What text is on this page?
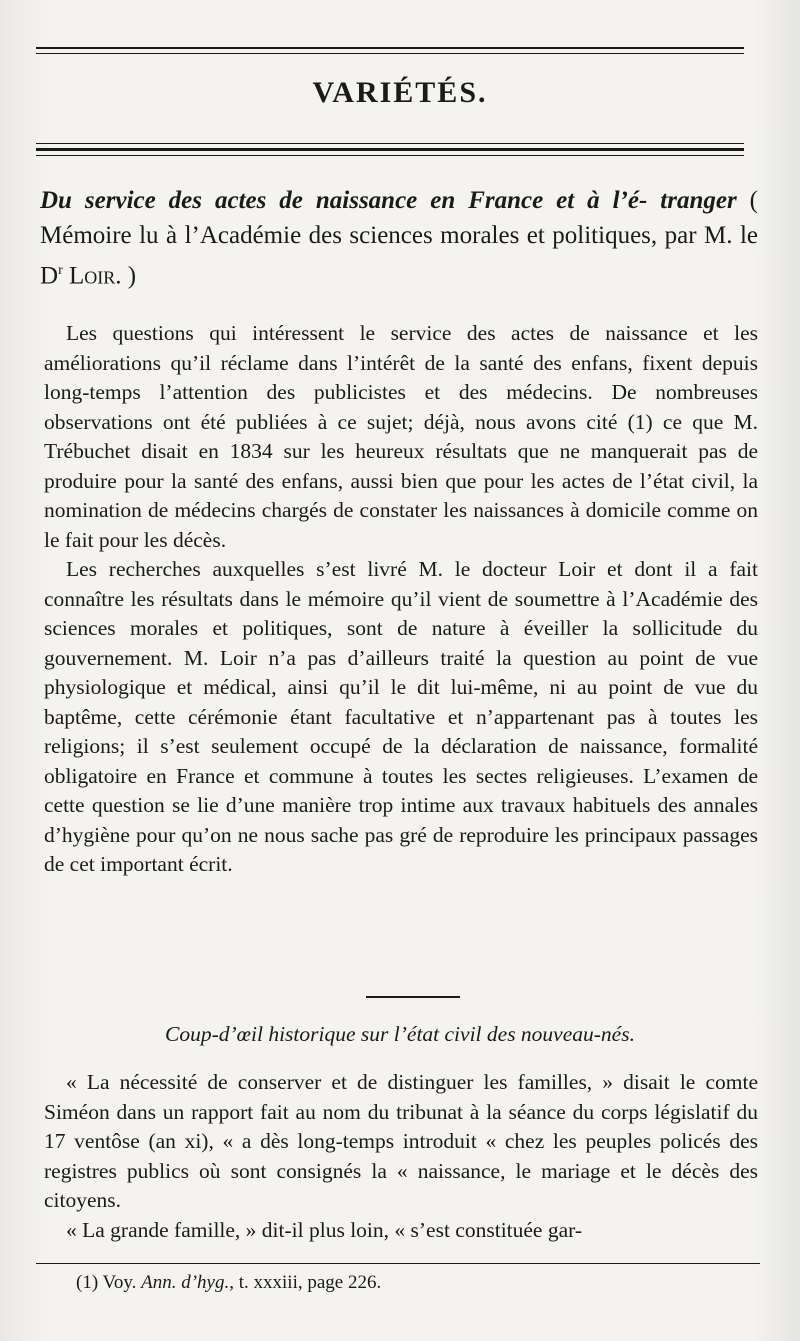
VARIÉTÉS.
Du service des actes de naissance en France et à l’é- tranger ( Mémoire lu à l’Académie des sciences morales et politiques, par M. le $D^r$ Loir. )

Les questions qui intéressent le service des actes de naissance et les améliorations qu’il réclame dans l’intérêt de la santé des enfans, fixent depuis long-temps l’attention des publicistes et des médecins. De nombreuses observations ont été publiées à ce sujet; déjà, nous avons cité (1) ce que M. Trébuchet disait en 1834 sur les heureux résultats que ne manquerait pas de produire pour la santé des enfans, aussi bien que pour les actes de l’état civil, la nomination de médecins chargés de constater les naissances à domicile comme on le fait pour les décès.

Les recherches auxquelles s’est livré M. le docteur Loir et dont il a fait connaître les résultats dans le mémoire qu’il vient de soumettre à l’Académie des sciences morales et politiques, sont de nature à éveiller la sollicitude du gouvernement. M. Loir n’a pas d’ailleurs traité la question au point de vue physiologique et médical, ainsi qu’il le dit lui-même, ni au point de vue du baptême, cette cérémonie étant facultative et n’appartenant pas à toutes les religions; il s’est seulement occupé de la déclaration de naissance, formalité obligatoire en France et commune à toutes les sectes religieuses. L’examen de cette question se lie d’une manière trop intime aux travaux habituels des annales d’hygiène pour qu’on ne nous sache pas gré de reproduire les principaux passages de cet important écrit.

Coup-d’œil historique sur l’état civil des nouveau-nés.

« La nécessité de conserver et de distinguer les familles, » disait le comte Siméon dans un rapport fait au nom du tribunat à la séance du corps législatif du 17 ventôse (an xi), « a dès long-temps introduit « chez les peuples policés des registres publics où sont consignés la « naissance, le mariage et le décès des citoyens.

« La grande famille, » dit-il plus loin, « s’est constituée gar-

(1) Voy. Ann. d’hyg., t. xxxiii, page 226.
